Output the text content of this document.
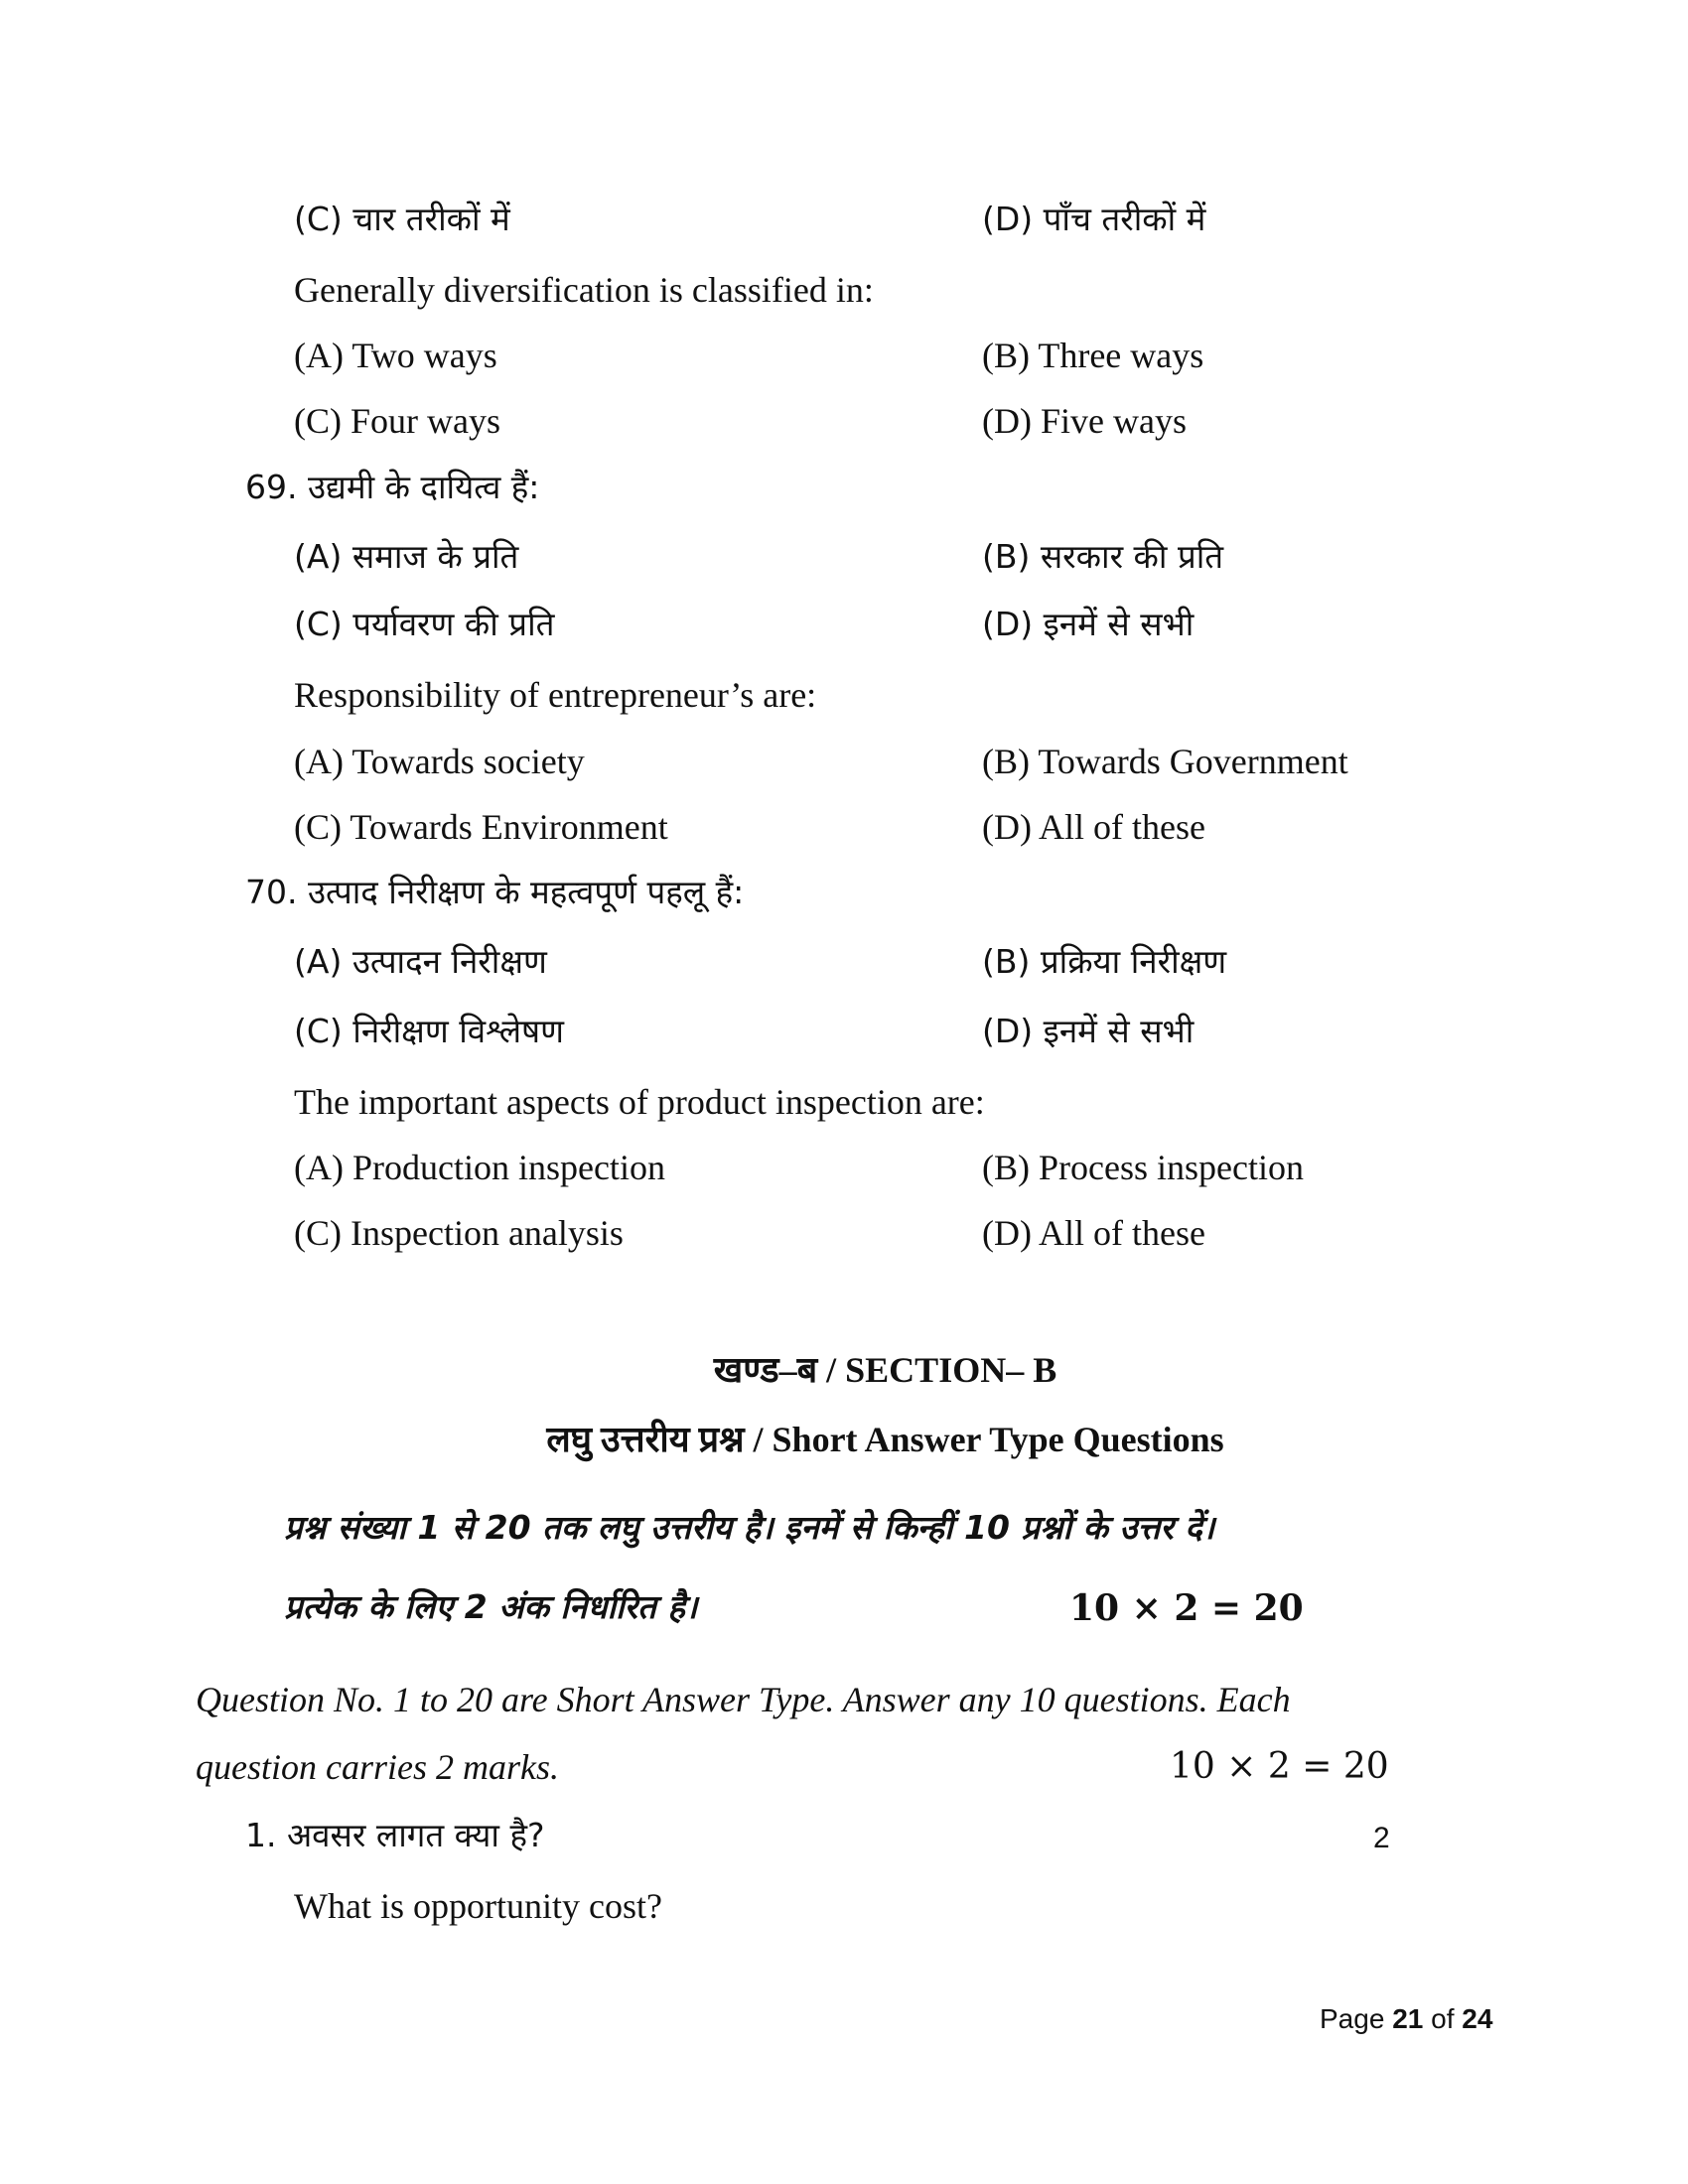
(C) चार तरीकों में	(D) पाँच तरीकों में
Generally diversification is classified in:
(A) Two ways	(B) Three ways
(C) Four ways	(D) Five ways
69. उद्यमी के दायित्व हैं:
(A) समाज के प्रति	(B) सरकार की प्रति
(C) पर्यावरण की प्रति	(D) इनमें से सभी
Responsibility of entrepreneur’s are:
(A) Towards society	(B) Towards Government
(C) Towards Environment	(D) All of these
70. उत्पाद निरीक्षण के महत्वपूर्ण पहलू हैं:
(A) उत्पादन निरीक्षण	(B) प्रक्रिया निरीक्षण
(C) निरीक्षण विश्लेषण	(D) इनमें से सभी
The important aspects of product inspection are:
(A) Production inspection	(B) Process inspection
(C) Inspection analysis	(D) All of these
खण्ड–ब / SECTION– B
लघु उत्तरीय प्रश्न / Short Answer Type Questions
प्रश्न संख्या 1 से 20 तक लघु उत्तरीय है। इनमें से किन्हीं 10 प्रश्नों के उत्तर दें।
प्रत्येक के लिए 2 अंक निर्धारित है।	10 × 2 = 20
Question No. 1 to 20 are Short Answer Type. Answer any 10 questions. Each
question carries 2 marks.	10 × 2 = 20
1. अवसर लागत क्या है?	2
What is opportunity cost?
Page 21 of 24
